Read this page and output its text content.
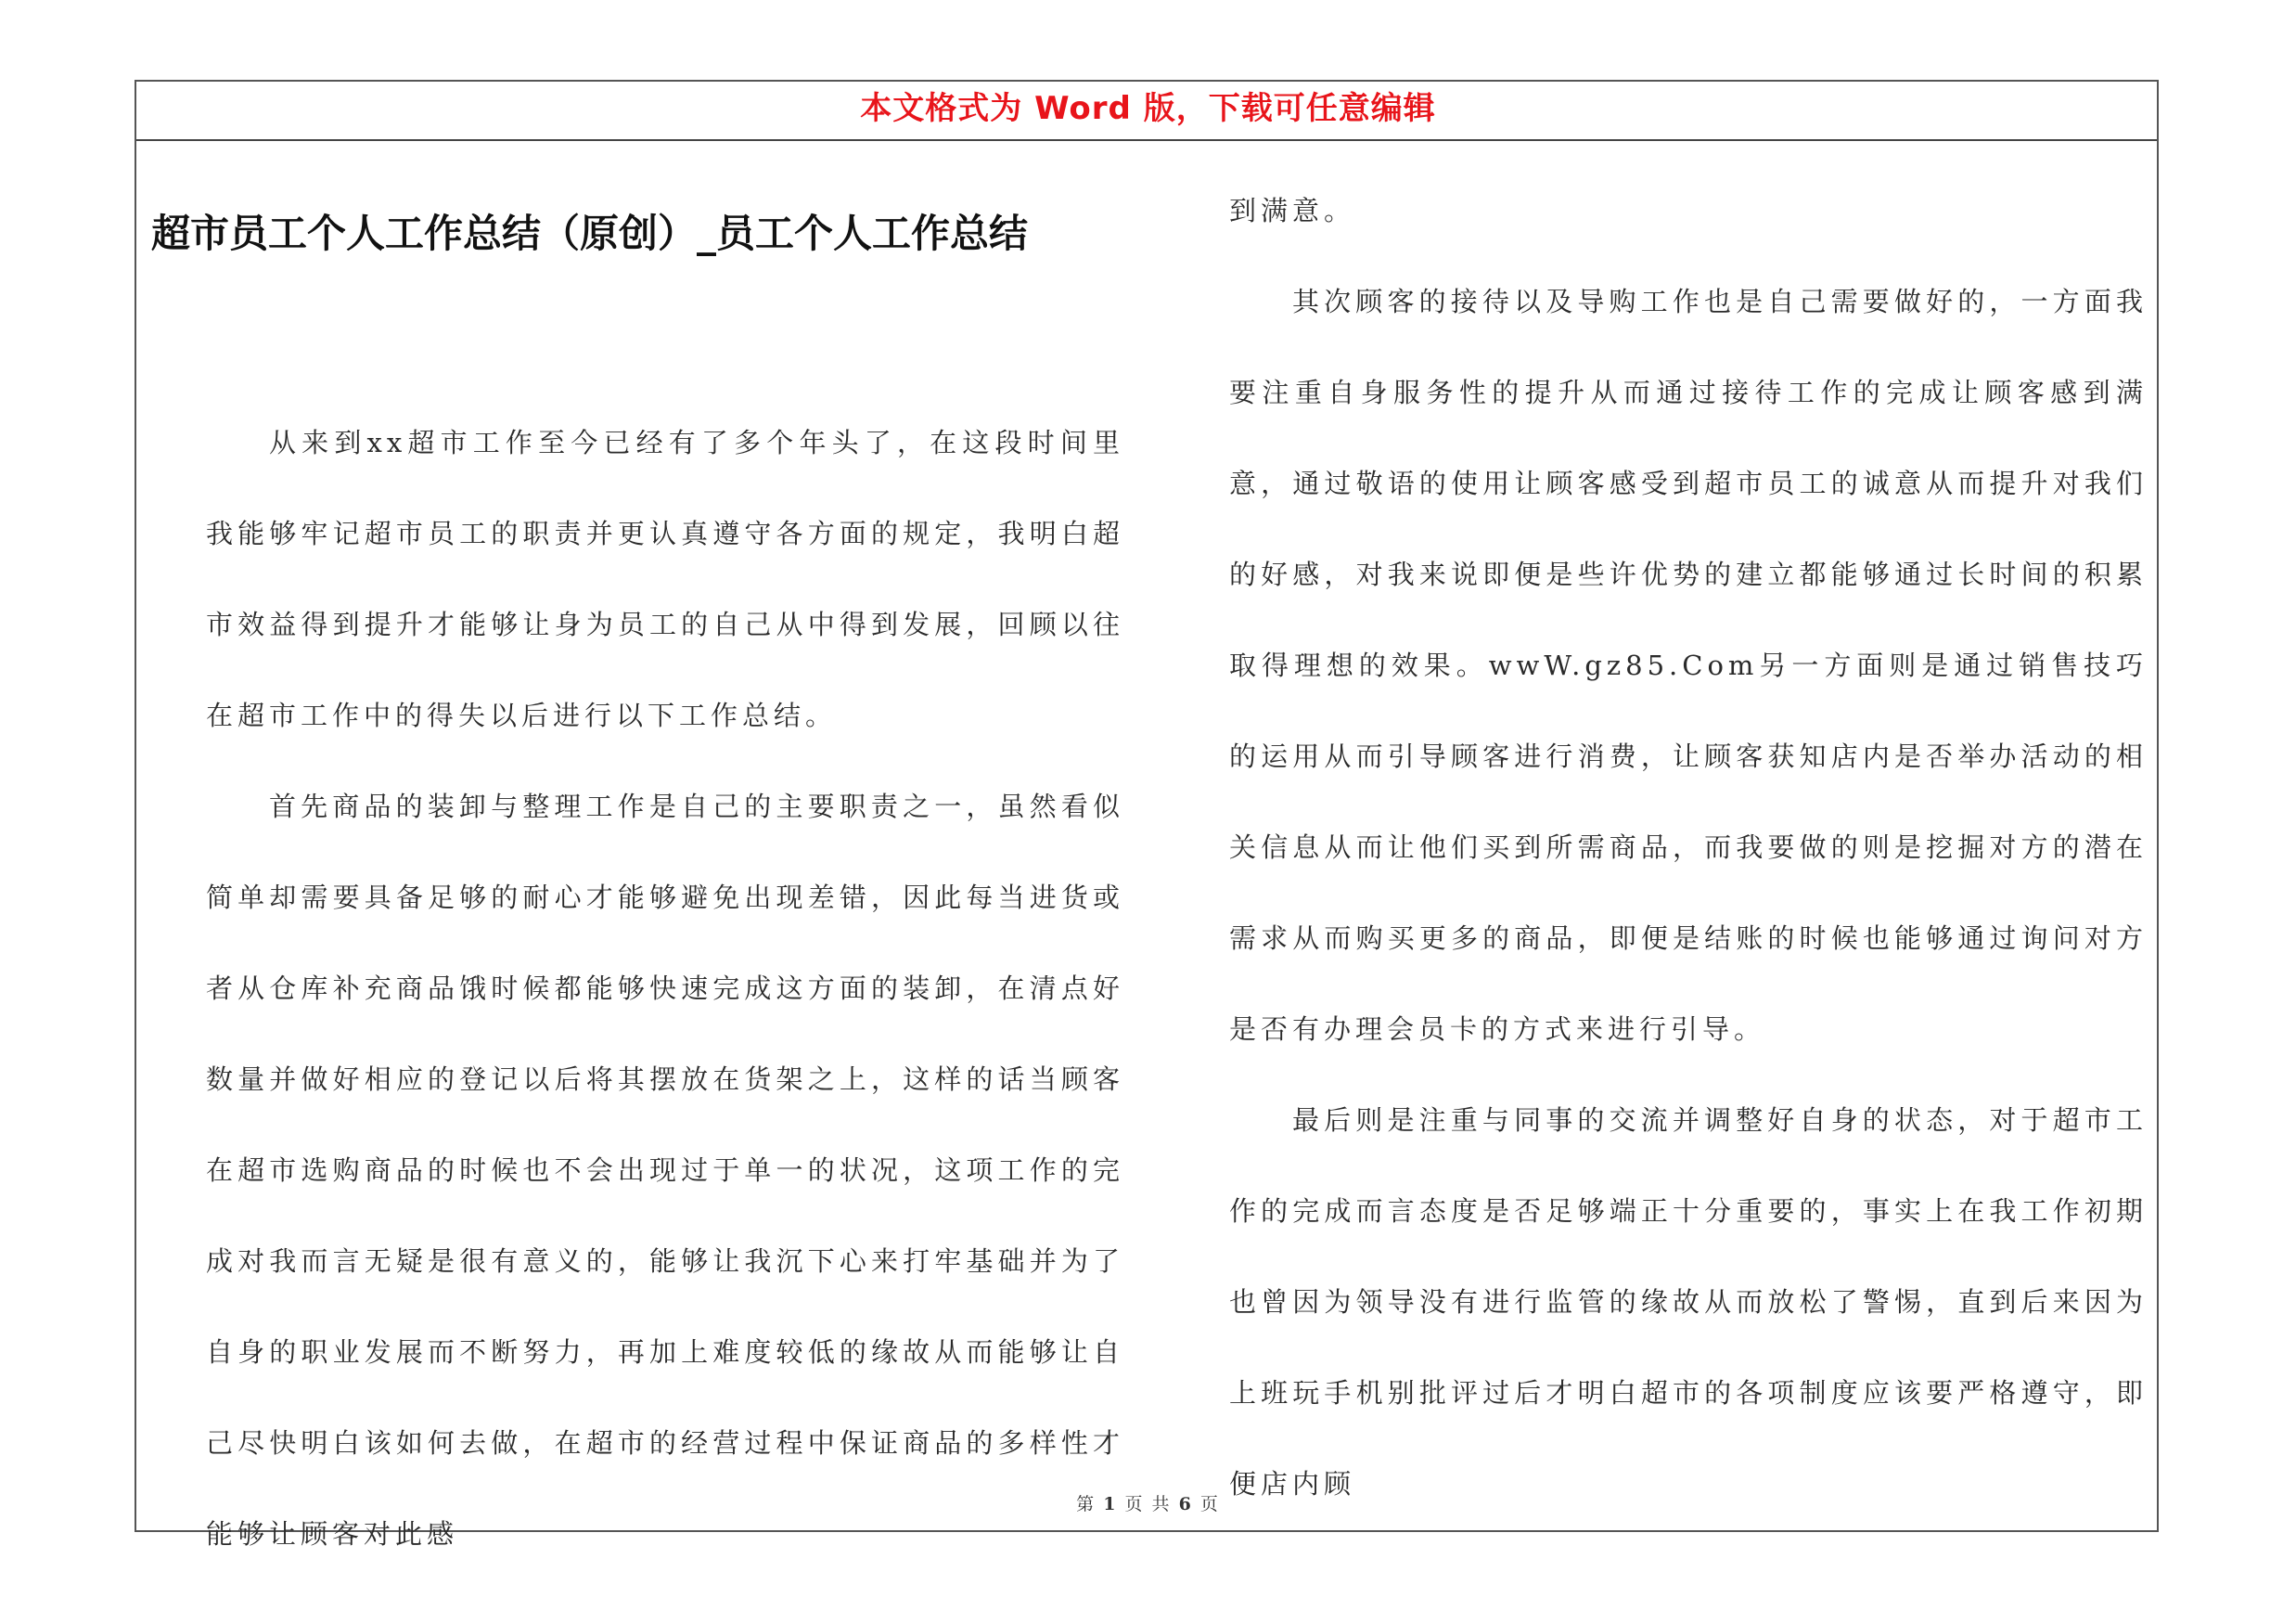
本文格式为 Word 版，下载可任意编辑
超市员工个人工作总结（原创）_员工个人工作总结

从来到xx超市工作至今已经有了多个年头了，在这段时间里我能够牢记超市员工的职责并更认真遵守各方面的规定，我明白超市效益得到提升才能够让身为员工的自己从中得到发展，回顾以往在超市工作中的得失以后进行以下工作总结。

首先商品的装卸与整理工作是自己的主要职责之一，虽然看似简单却需要具备足够的耐心才能够避免出现差错，因此每当进货或者从仓库补充商品饿时候都能够快速完成这方面的装卸，在清点好数量并做好相应的登记以后将其摆放在货架之上，这样的话当顾客在超市选购商品的时候也不会出现过于单一的状况，这项工作的完成对我而言无疑是很有意义的，能够让我沉下心来打牢基础并为了自身的职业发展而不断努力，再加上难度较低的缘故从而能够让自己尽快明白该如何去做，在超市的经营过程中保证商品的多样性才能够让顾客对此感

到满意。

其次顾客的接待以及导购工作也是自己需要做好的，一方面我要注重自身服务性的提升从而通过接待工作的完成让顾客感到满意，通过敬语的使用让顾客感受到超市员工的诚意从而提升对我们的好感，对我来说即便是些许优势的建立都能够通过长时间的积累取得理想的效果。wwW.gz85.Com另一方面则是通过销售技巧的运用从而引导顾客进行消费，让顾客获知店内是否举办活动的相关信息从而让他们买到所需商品，而我要做的则是挖掘对方的潜在需求从而购买更多的商品，即便是结账的时候也能够通过询问对方是否有办理会员卡的方式来进行引导。

最后则是注重与同事的交流并调整好自身的状态，对于超市工作的完成而言态度是否足够端正十分重要的，事实上在我工作初期也曾因为领导没有进行监管的缘故从而放松了警惕，直到后来因为上班玩手机别批评过后才明白超市的各项制度应该要严格遵守，即便店内顾

第 1 页 共 6 页
